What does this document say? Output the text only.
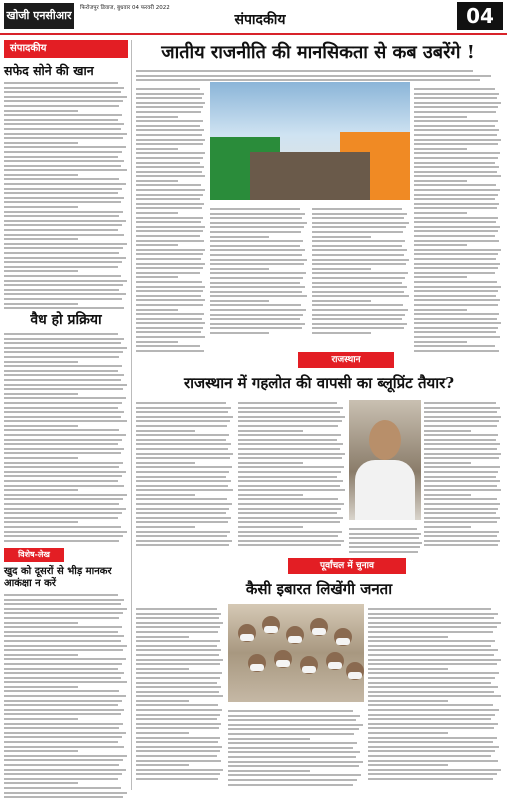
खोजी एनसीआर
फिरोजपुर डिवाज, बुधवार 04 फरवरी 2022
संपादकीय	04
संपादकीय
सफेद सोने की खान
वैध हो प्रक्रिया
विशेष-लेख
खुद को दूसरों से भीड़ मानकर आकंक्षा न करें
जातीय राजनीति की मानसिकता से कब उबरेंगे !
राजस्थान
राजस्थान में गहलोत की वापसी का ब्लूप्रिंट तैयार?
पूर्वांचल में चुनाव
कैसी इबारत लिखेंगी जनता
